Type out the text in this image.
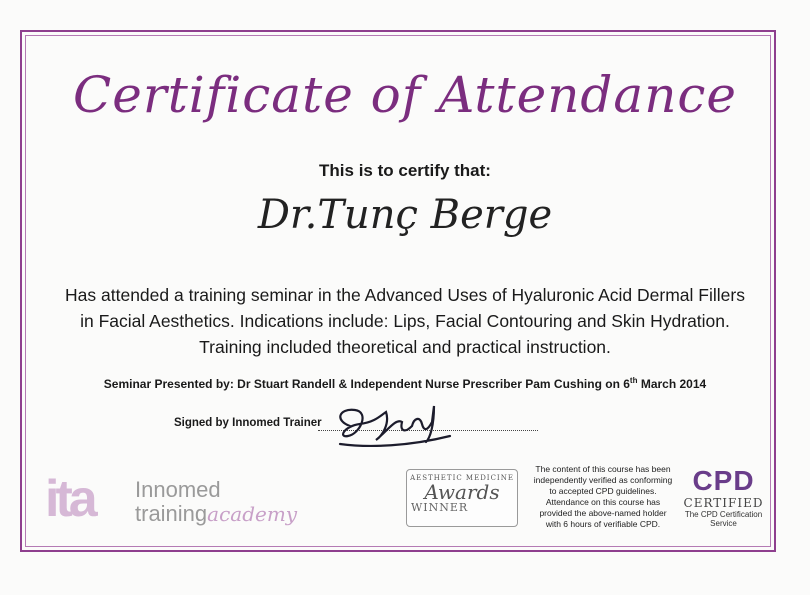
Certificate of Attendance
This is to certify that:
Dr.Tunç Berge
Has attended a training seminar in the Advanced Uses of Hyaluronic Acid Dermal Fillers
in Facial Aesthetics. Indications include: Lips, Facial Contouring and Skin Hydration.
Training included theoretical and practical instruction.
Seminar Presented by: Dr Stuart Randell & Independent Nurse Prescriber Pam Cushing on 6th March 2014
Signed by Innomed Trainer
ita Innomed
trainingacademy
AESTHETIC MEDICINE
Awards
WINNER
The content of this course has been
independently verified as conforming
to accepted CPD guidelines.
Attendance on this course has
provided the above-named holder
with 6 hours of verifiable CPD.
CPD
CERTIFIED
The CPD Certification
Service
